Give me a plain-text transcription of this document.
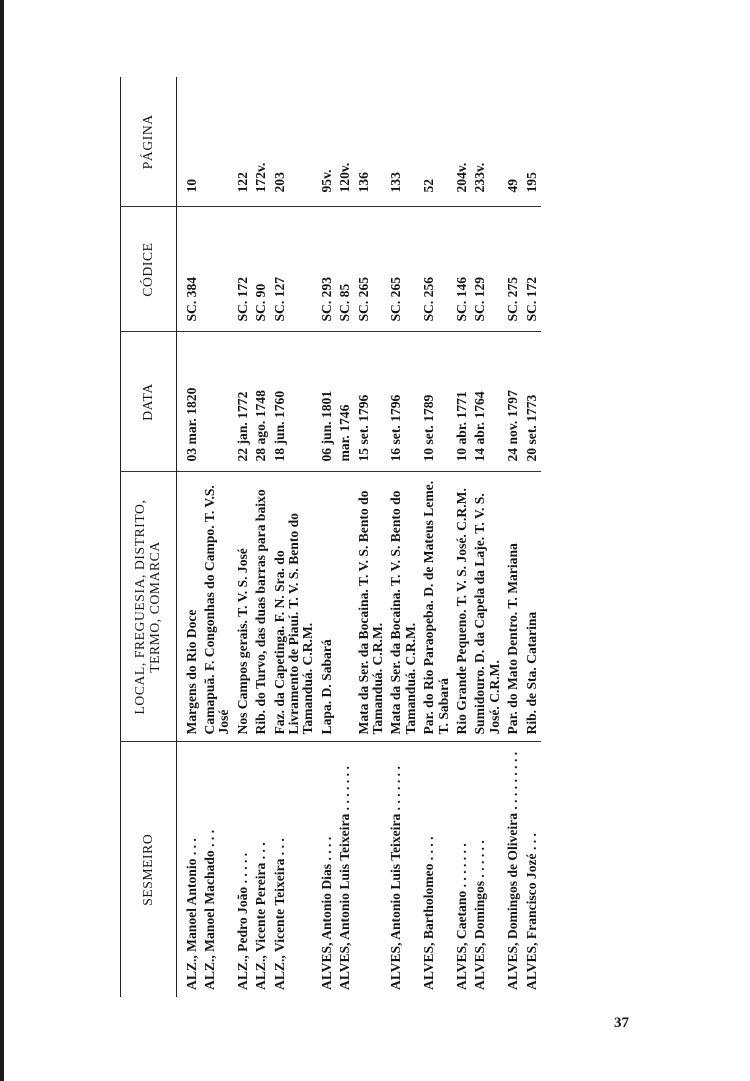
SESMEIRO	LOCAL, FREGUESIA, DISTRITO, TERMO, COMARCA	DATA	CÓDICE	PÁGINA
ALZ., Manoel Antonio . . .	Margens do Rio Doce	03 mar. 1820	SC. 384	10
ALZ., Manoel Machado . . .	Camapuã. F. Congonhas do Campo. T. V.S. José			
ALZ., Pedro João . . . . .	Nos Campos gerais. T. V. S. José	22 jan. 1772	SC. 172	122
ALZ., Vicente Pereira . . .	Rib. do Turvo, das duas barras para baixo	28 ago. 1748	SC. 90	172v.
ALZ., Vicente Teixeira . . .	Faz. da Capetinga. F. N. Sra. do Livramento de Piauí. T. V. S. Bento do Tamanduá. C.R.M.	18 jun. 1760	SC. 127	203
ALVES, Antonio Dias . . . .	Lapa. D. Sabará	06 jun. 1801	SC. 293	95v.
ALVES, Antonio Luis Teixeira . . . . . . .		mar. 1746	SC. 85	120v.
	Mata da Ser. da Bocaina. T. V. S. Bento do Tamanduá. C.R.M.	15 set. 1796	SC. 265	136
ALVES, Antonio Luis Teixeira . . . . . . .	Mata da Ser. da Bocaina. T. V. S. Bento do Tamanduá. C.R.M.	16 set. 1796	SC. 265	133
ALVES, Bartholomeo . . . .	Par. do Rio Paraopeba. D. de Mateus Leme. T. Sabará	10 set. 1789	SC. 256	52
ALVES, Caetano . . . . . . .	Rio Grande Pequeno. T. V. S. José. C.R.M.	10 abr. 1771	SC. 146	204v.
ALVES, Domingos . . . . . .	Sumidouro. D. da Capela da Laje. T. V. S. José. C.R.M.	14 abr. 1764	SC. 129	233v.
ALVES, Domingos de Oliveira . . . . . . . . .	Par. do Mato Dentro. T. Mariana	24 nov. 1797	SC. 275	49
ALVES, Francisco Jozé . . .	Rib. de Sta. Catarina	20 set. 1773	SC. 172	195
37
